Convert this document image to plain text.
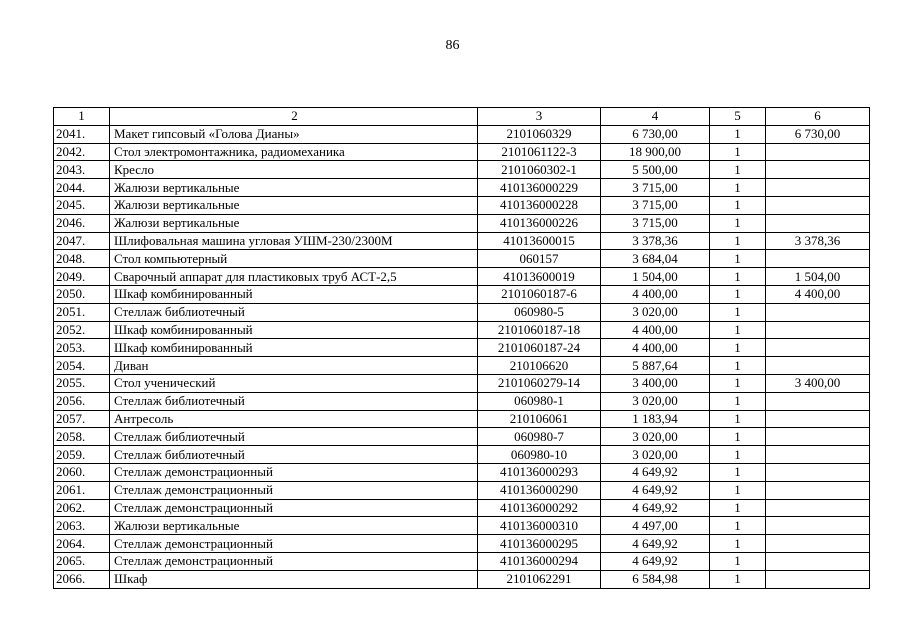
86
1	2	3	4	5	6
2041.	Макет гипсовый «Голова Дианы»	2101060329	6 730,00	1	6 730,00
2042.	Стол электромонтажника, радиомеханика	2101061122-3	18 900,00	1	
2043.	Кресло	2101060302-1	5 500,00	1	
2044.	Жалюзи вертикальные	410136000229	3 715,00	1	
2045.	Жалюзи вертикальные	410136000228	3 715,00	1	
2046.	Жалюзи вертикальные	410136000226	3 715,00	1	
2047.	Шлифовальная машина угловая УШМ-230/2300М	41013600015	3 378,36	1	3 378,36
2048.	Стол компьютерный	060157	3 684,04	1	
2049.	Сварочный аппарат для пластиковых труб АСТ-2,5	41013600019	1 504,00	1	1 504,00
2050.	Шкаф комбинированный	2101060187-6	4 400,00	1	4 400,00
2051.	Стеллаж библиотечный	060980-5	3 020,00	1	
2052.	Шкаф комбинированный	2101060187-18	4 400,00	1	
2053.	Шкаф комбинированный	2101060187-24	4 400,00	1	
2054.	Диван	210106620	5 887,64	1	
2055.	Стол ученический	2101060279-14	3 400,00	1	3 400,00
2056.	Стеллаж библиотечный	060980-1	3 020,00	1	
2057.	Антресоль	210106061	1 183,94	1	
2058.	Стеллаж библиотечный	060980-7	3 020,00	1	
2059.	Стеллаж библиотечный	060980-10	3 020,00	1	
2060.	Стеллаж демонстрационный	410136000293	4 649,92	1	
2061.	Стеллаж демонстрационный	410136000290	4 649,92	1	
2062.	Стеллаж демонстрационный	410136000292	4 649,92	1	
2063.	Жалюзи вертикальные	410136000310	4 497,00	1	
2064.	Стеллаж демонстрационный	410136000295	4 649,92	1	
2065.	Стеллаж демонстрационный	410136000294	4 649,92	1	
2066.	Шкаф	2101062291	6 584,98	1	
